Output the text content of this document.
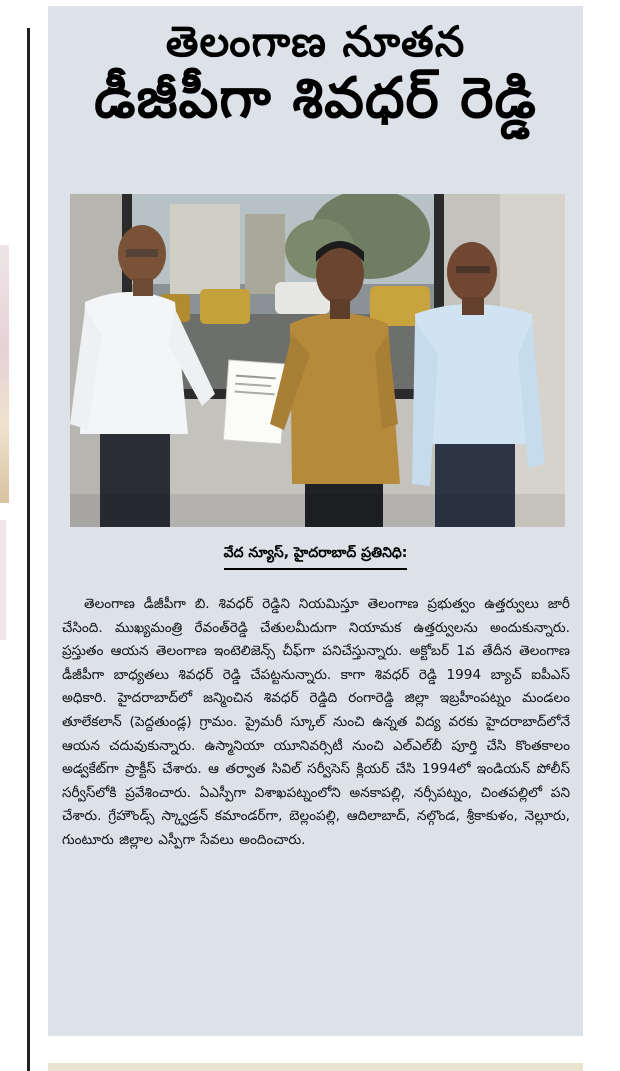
తెలంగాణ నూతన
డీజీపీగా శివధర్ రెడ్డి
వేద న్యూస్, హైదరాబాద్ ప్రతినిధి:

తెలంగాణ డీజీపీగా బి. శివధర్ రెడ్డిని నియమిస్తూ తెలంగాణ ప్రభుత్వం ఉత్తర్వులు జారీ చేసింది. ముఖ్యమంత్రి రేవంత్‌రెడ్డి చేతులమీదుగా నియామక ఉత్తర్వులను అందుకున్నారు. ప్రస్తుతం ఆయన తెలంగాణ ఇంటెలిజెన్స్ చీఫ్‌గా పనిచేస్తున్నారు. అక్టోబర్ 1వ తేదీన తెలంగాణ డీజీపీగా బాధ్యతలు శివధర్ రెడ్డి చేపట్టనున్నారు. కాగా శివధర్ రెడ్డి 1994 బ్యాచ్ ఐపీఎస్ అధికారి. హైదరాబాద్‌లో జన్మించిన శివధర్ రెడ్డిది రంగారెడ్డి జిల్లా ఇబ్రహీంపట్నం మండలం తూలేకలాన్ (పెద్దతుండ్ల) గ్రామం. ప్రైమరీ స్కూల్ నుంచి ఉన్నత విద్య వరకు హైదరాబాద్‌లోనే ఆయన చదువుకున్నారు. ఉస్మానియా యూనివర్సిటీ నుంచి ఎల్ఎల్‌బీ పూర్తి చేసి కొంతకాలం అడ్వకేట్‌గా ప్రాక్టీస్ చేశారు. ఆ తర్వాత సివిల్ సర్వీసెస్ క్లియర్ చేసి 1994లో ఇండియన్ పోలీస్ సర్వీస్‌లోకి ప్రవేశించారు. ఏఎస్పీగా విశాఖపట్నంలోని అనకాపల్లి, నర్సీపట్నం, చింతపల్లిలో పని చేశారు. గ్రేహౌండ్స్ స్క్వాడ్రన్ కమాండర్‌గా, బెల్లంపల్లి, ఆదిలాబాద్, నల్గొండ, శ్రీకాకుళం, నెల్లూరు, గుంటూరు జిల్లాల ఎస్పీగా సేవలు అందించారు.
